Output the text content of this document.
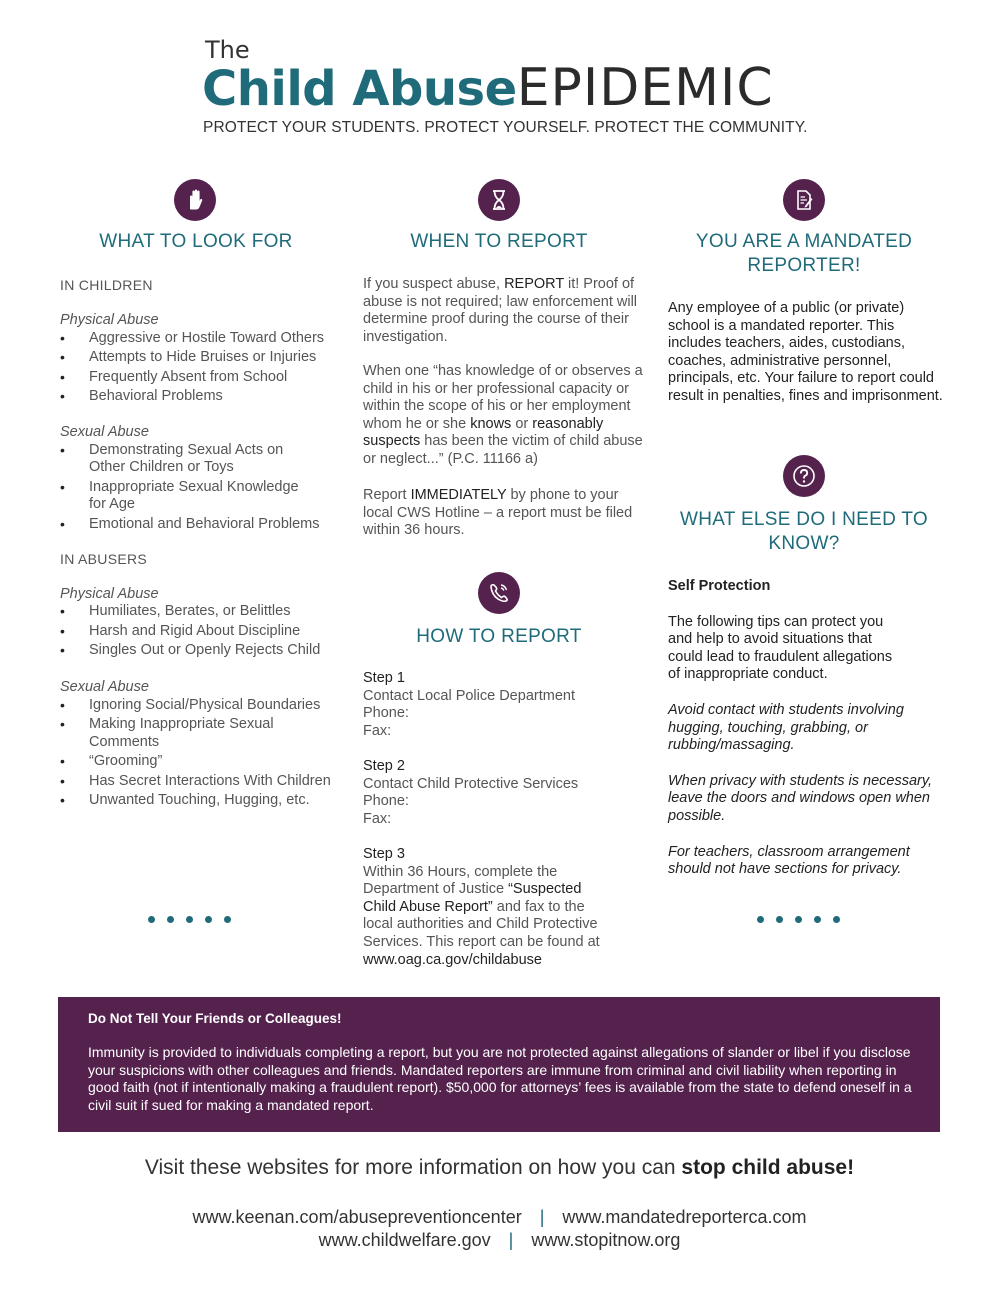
The
Child AbuseEPIDEMIC
PROTECT YOUR STUDENTS. PROTECT YOURSELF. PROTECT THE COMMUNITY.
WHAT TO LOOK FOR
IN CHILDREN
Physical Abuse
• Aggressive or Hostile Toward Others
• Attempts to Hide Bruises or Injuries
• Frequently Absent from School
• Behavioral Problems
Sexual Abuse
• Demonstrating Sexual Acts on Other Children or Toys
• Inappropriate Sexual Knowledge for Age
• Emotional and Behavioral Problems
IN ABUSERS
Physical Abuse
• Humiliates, Berates, or Belittles
• Harsh and Rigid About Discipline
• Singles Out or Openly Rejects Child
Sexual Abuse
• Ignoring Social/Physical Boundaries
• Making Inappropriate Sexual Comments
• “Grooming”
• Has Secret Interactions With Children
• Unwanted Touching, Hugging, etc.
WHEN TO REPORT
If you suspect abuse, REPORT it! Proof of abuse is not required; law enforcement will determine proof during the course of their investigation.
When one “has knowledge of or observes a child in his or her professional capacity or within the scope of his or her employment whom he or she knows or reasonably suspects has been the victim of child abuse or neglect...” (P.C. 11166 a)
Report IMMEDIATELY by phone to your local CWS Hotline – a report must be filed within 36 hours.
HOW TO REPORT
Step 1
Contact Local Police Department
Phone:
Fax:
Step 2
Contact Child Protective Services
Phone:
Fax:
Step 3
Within 36 Hours, complete the Department of Justice “Suspected Child Abuse Report” and fax to the local authorities and Child Protective Services. This report can be found at www.oag.ca.gov/childabuse
YOU ARE A MANDATED REPORTER!
Any employee of a public (or private) school is a mandated reporter. This includes teachers, aides, custodians, coaches, administrative personnel, principals, etc. Your failure to report could result in penalties, fines and imprisonment.
WHAT ELSE DO I NEED TO KNOW?
Self Protection
The following tips can protect you and help to avoid situations that could lead to fraudulent allegations of inappropriate conduct.
Avoid contact with students involving hugging, touching, grabbing, or rubbing/massaging.
When privacy with students is necessary, leave the doors and windows open when possible.
For teachers, classroom arrangement should not have sections for privacy.
Do Not Tell Your Friends or Colleagues!
Immunity is provided to individuals completing a report, but you are not protected against allegations of slander or libel if you disclose your suspicions with other colleagues and friends. Mandated reporters are immune from criminal and civil liability when reporting in good faith (not if intentionally making a fraudulent report). $50,000 for attorneys’ fees is available from the state to defend oneself in a civil suit if sued for making a mandated report.
Visit these websites for more information on how you can stop child abuse!
www.keenan.com/abusepreventioncenter | www.mandatedreporterca.com
www.childwelfare.gov | www.stopitnow.org
